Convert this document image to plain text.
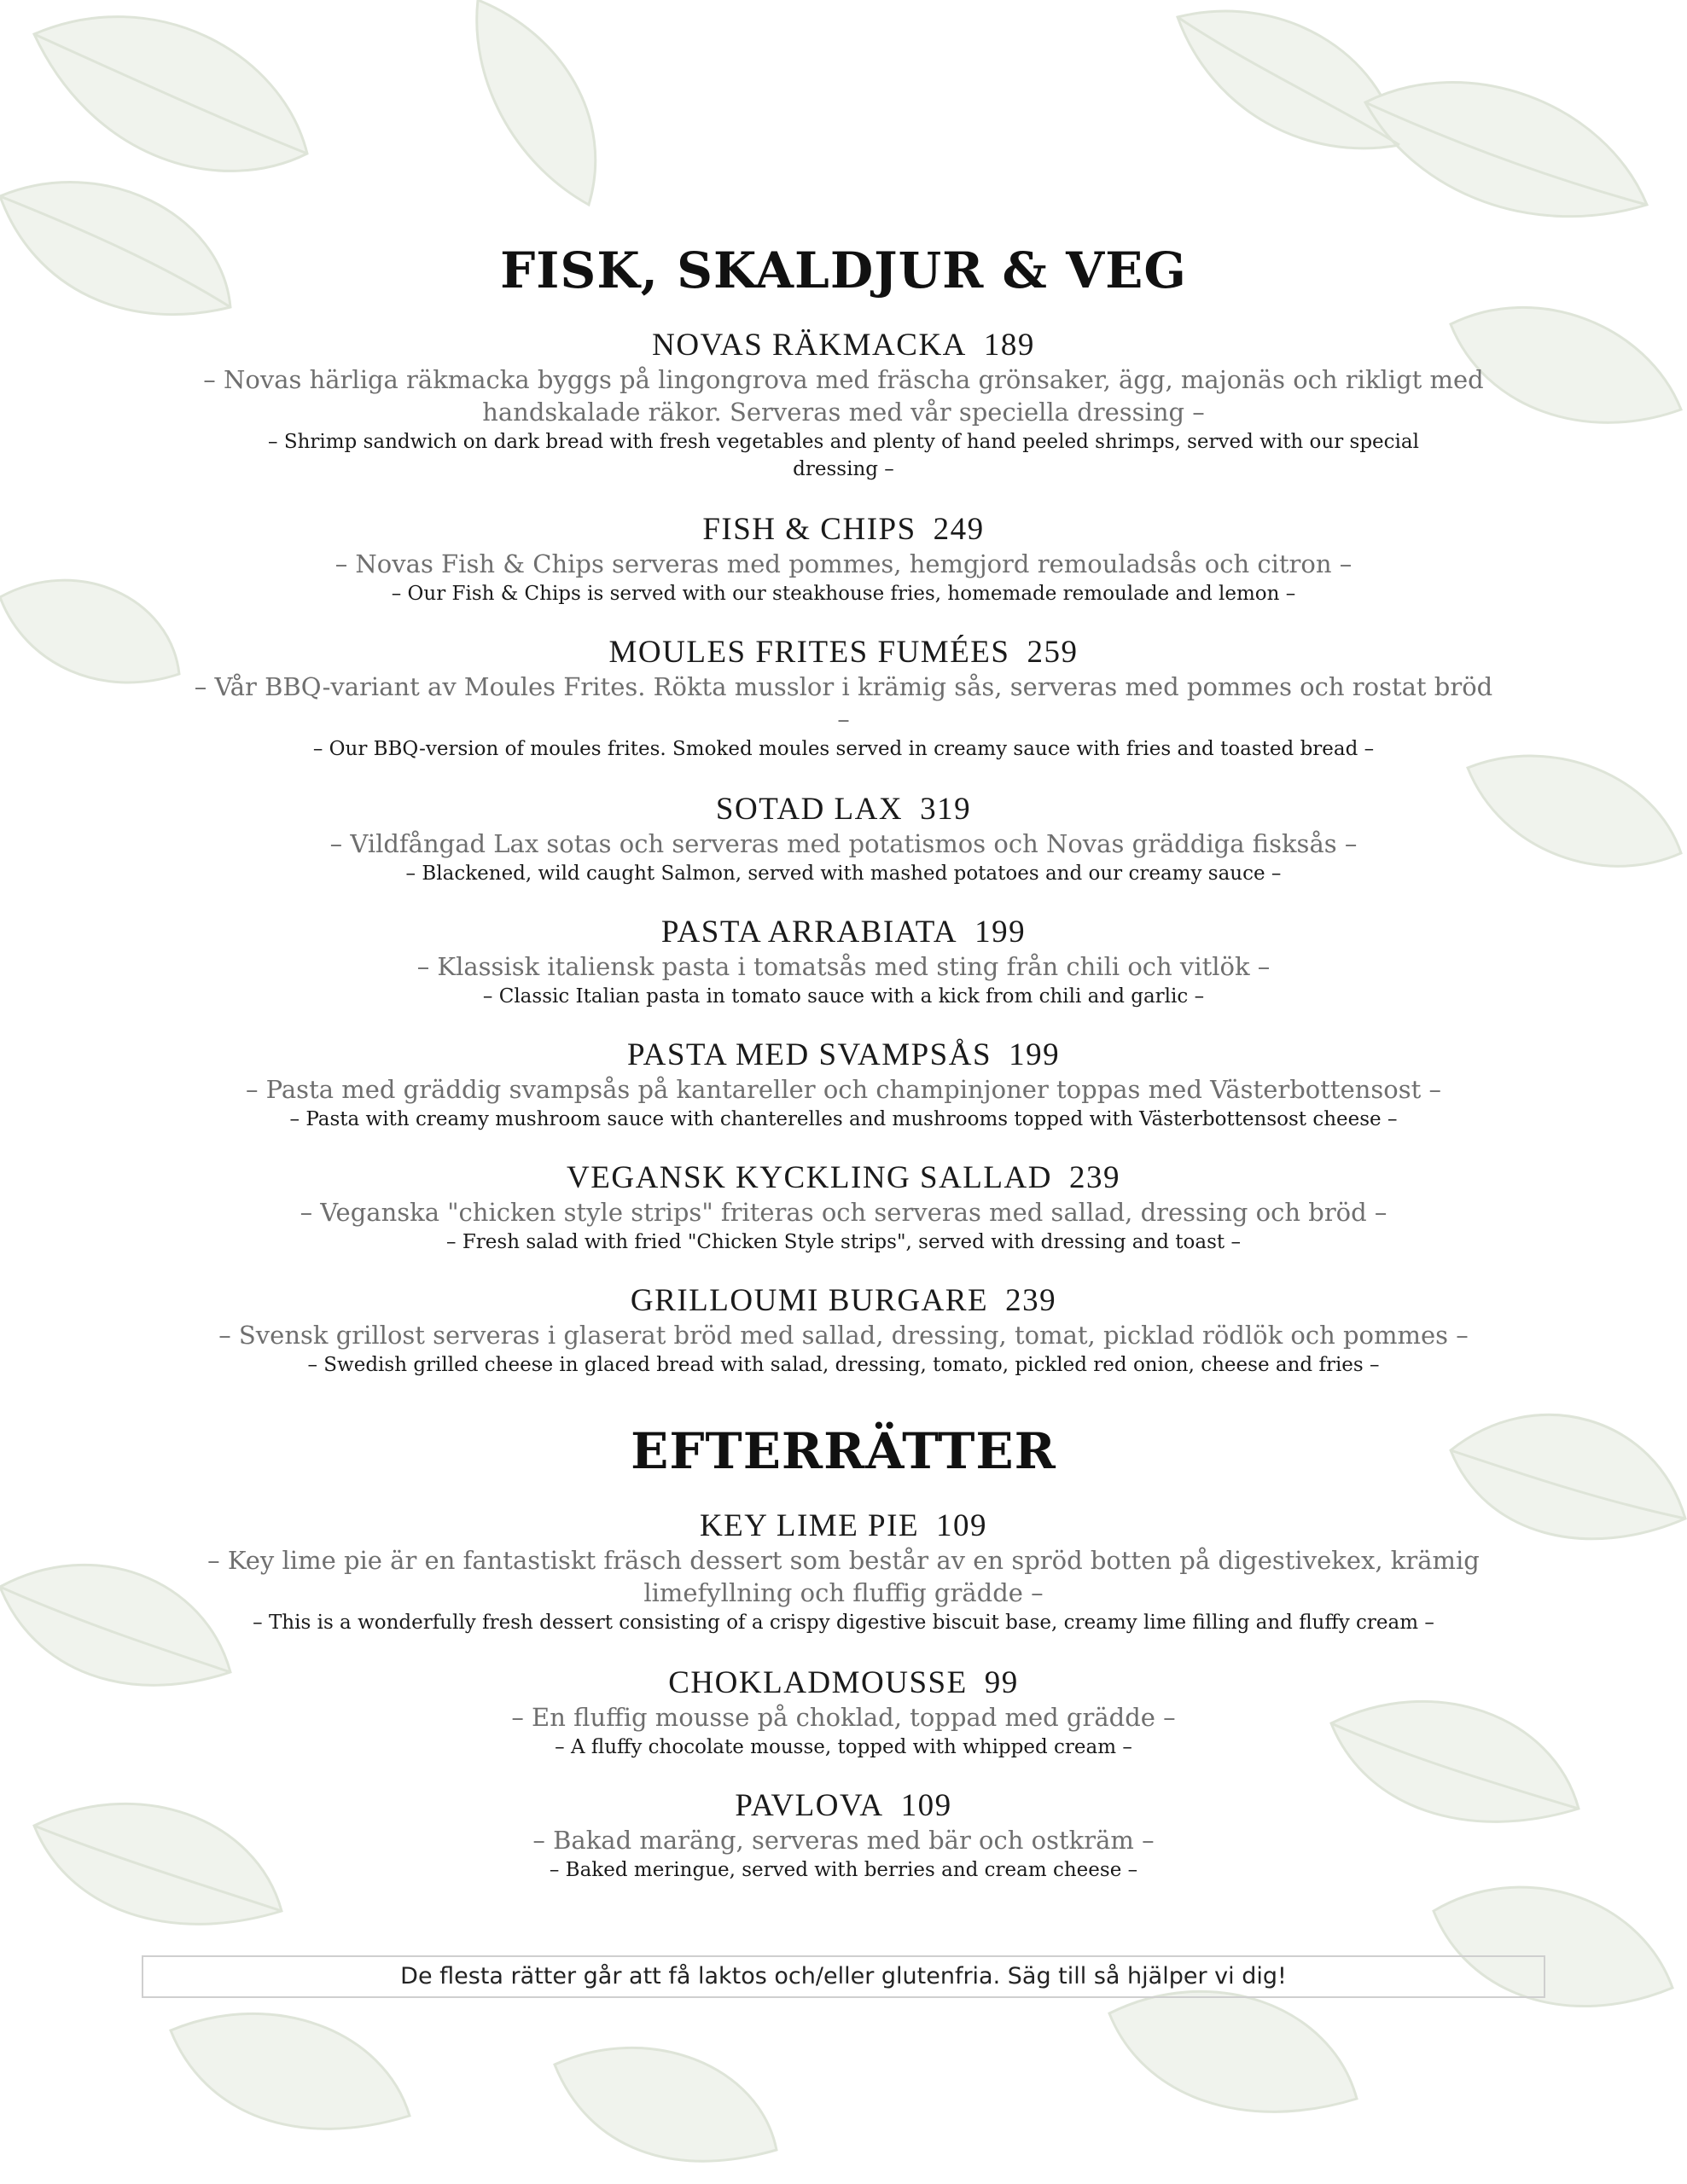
FISK, SKALDJUR & VEG
NOVAS RÄKMACKA 189
– Novas härliga räkmacka byggs på lingongrova med fräscha grönsaker, ägg, majonäs och rikligt med handskalade räkor. Serveras med vår speciella dressing –
– Shrimp sandwich on dark bread with fresh vegetables and plenty of hand peeled shrimps, served with our special dressing –
FISH & CHIPS 249
– Novas Fish & Chips serveras med pommes, hemgjord remouladsås och citron –
– Our Fish & Chips is served with our steakhouse fries, homemade remoulade and lemon –
MOULES FRITES FUMÉES 259
– Vår BBQ-variant av Moules Frites. Rökta musslor i krämig sås, serveras med pommes och rostat bröd –
– Our BBQ-version of moules frites. Smoked moules served in creamy sauce with fries and toasted bread –
SOTAD LAX 319
– Vildfångad Lax sotas och serveras med potatismos och Novas gräddiga fisksås –
– Blackened, wild caught Salmon, served with mashed potatoes and our creamy sauce –
PASTA ARRABIATA 199
– Klassisk italiensk pasta i tomatsås med sting från chili och vitlök –
– Classic Italian pasta in tomato sauce with a kick from chili and garlic –
PASTA MED SVAMPSÅS 199
– Pasta med gräddig svampsås på kantareller och champinjoner toppas med Västerbottensost –
– Pasta with creamy mushroom sauce with chanterelles and mushrooms topped with Västerbottensost cheese –
VEGANSK KYCKLING SALLAD 239
– Veganska "chicken style strips" friteras och serveras med sallad, dressing och bröd –
– Fresh salad with fried "Chicken Style strips", served with dressing and toast –
GRILLOUMI BURGARE 239
– Svensk grillost serveras i glaserat bröd med sallad, dressing, tomat, picklad rödlök och pommes –
– Swedish grilled cheese in glaced bread with salad, dressing, tomato, pickled red onion, cheese and fries –
EFTERRÄTTER
KEY LIME PIE 109
– Key lime pie är en fantastiskt fräsch dessert som består av en spröd botten på digestivekex, krämig limefyllning och fluffig grädde –
– This is a wonderfully fresh dessert consisting of a crispy digestive biscuit base, creamy lime filling and fluffy cream –
CHOKLADMOUSSE 99
– En fluffig mousse på choklad, toppad med grädde –
– A fluffy chocolate mousse, topped with whipped cream –
PAVLOVA 109
– Bakad maräng, serveras med bär och ostkräm –
– Baked meringue, served with berries and cream cheese –
De flesta rätter går att få laktos och/eller glutenfria. Säg till så hjälper vi dig!
